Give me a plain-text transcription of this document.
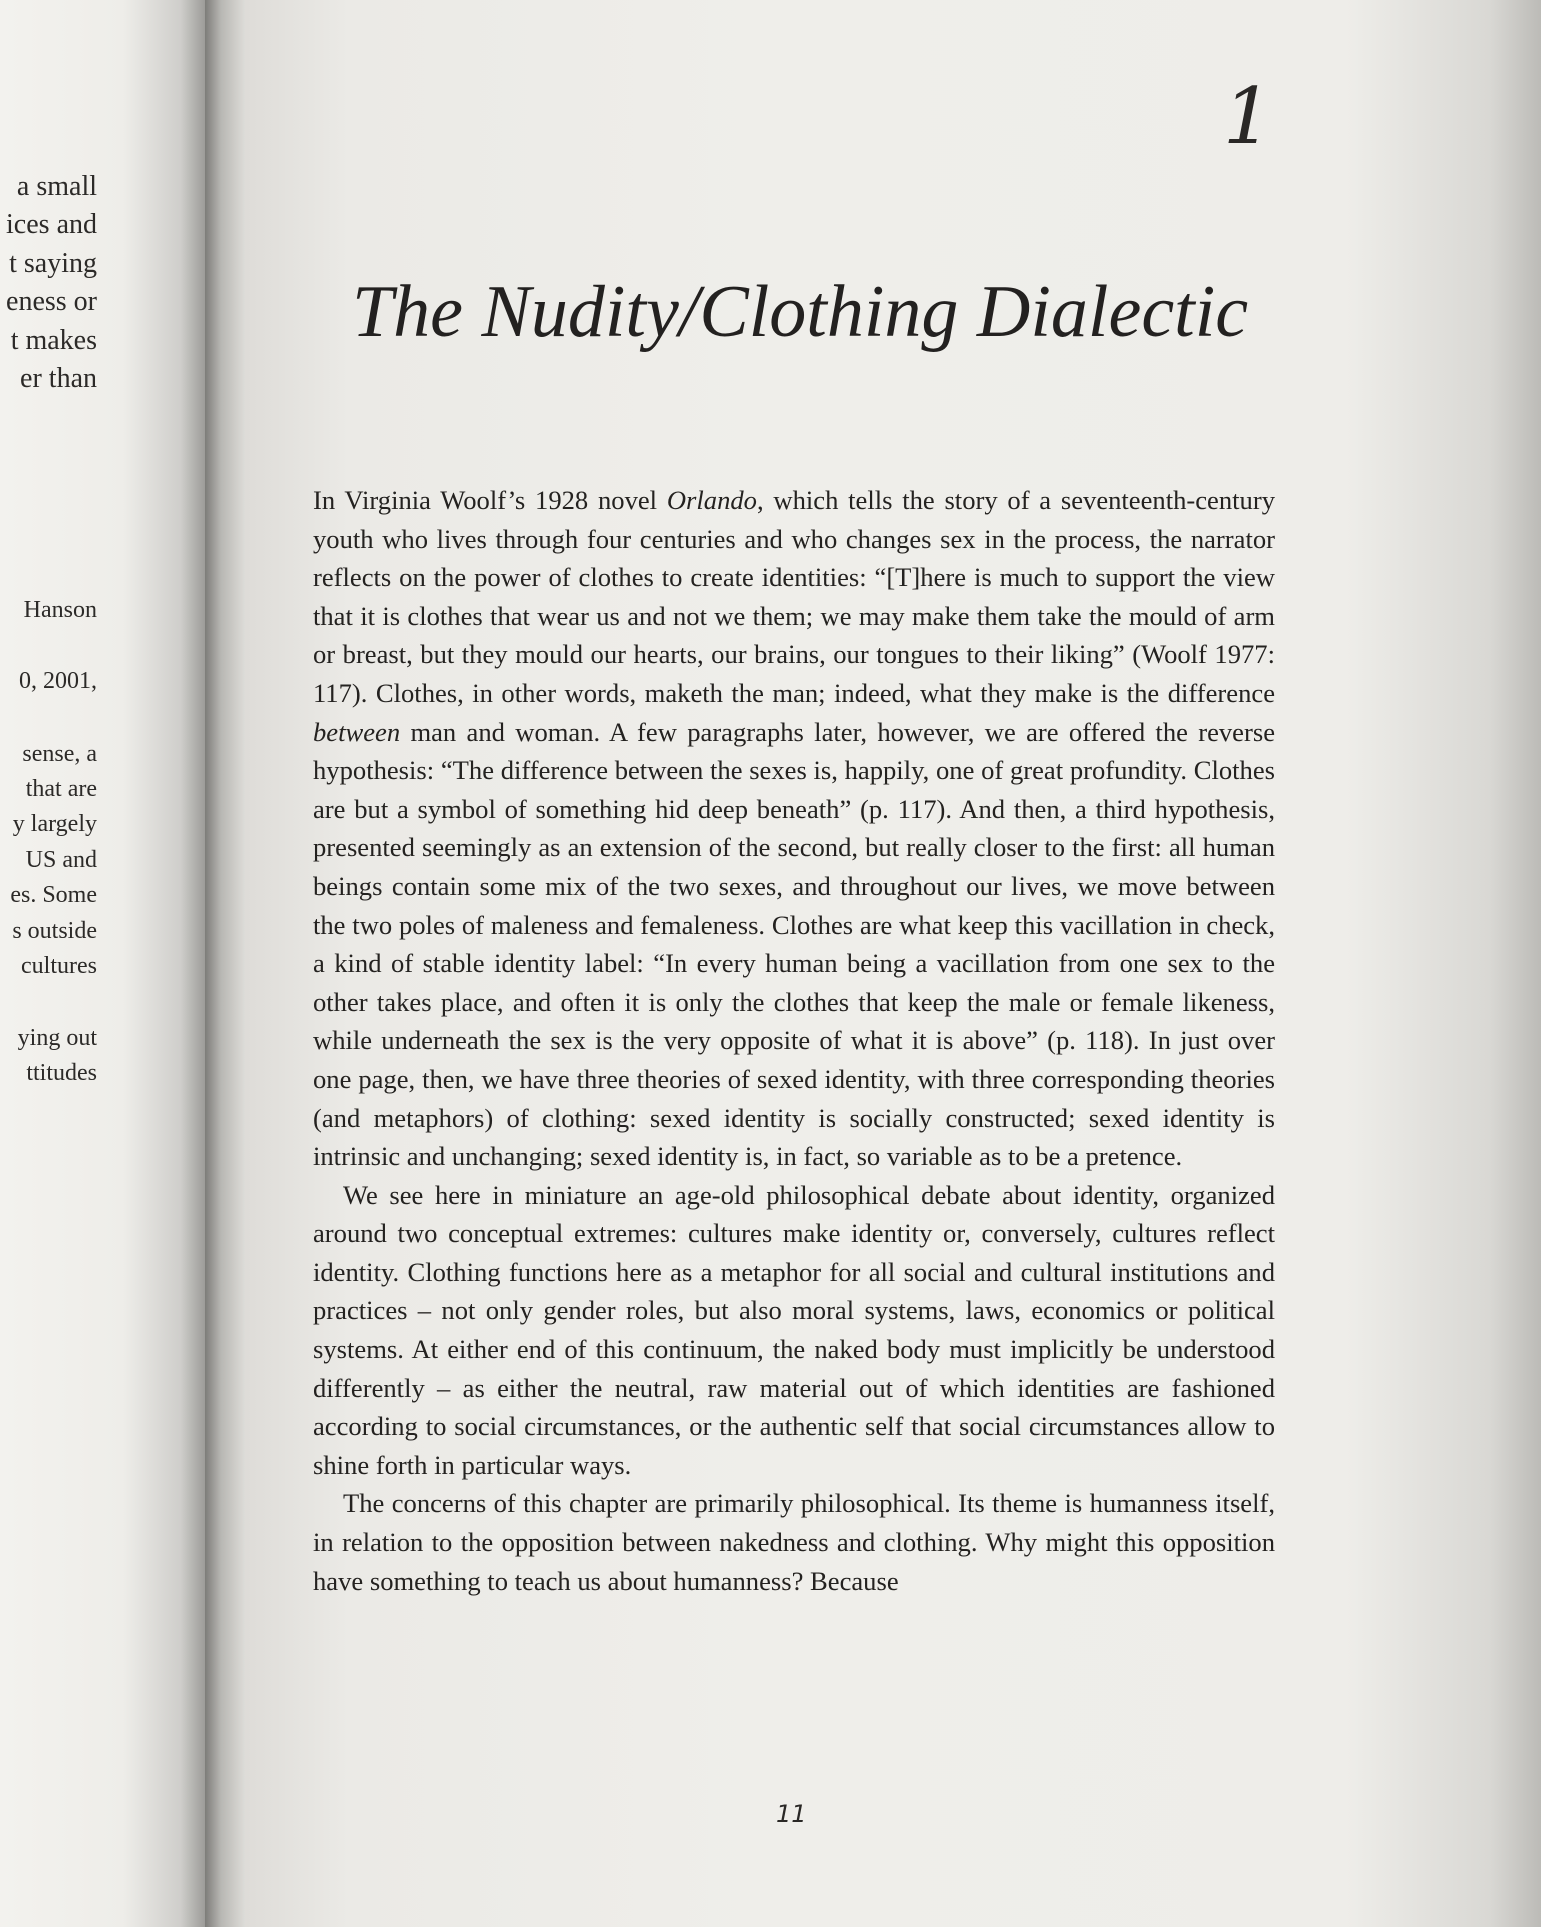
a small
ices and
t saying
eness or
t makes
er than
Hanson
0, 2001,
sense, a
that are
y largely
US and
es. Some
s outside
cultures
ying out
ttitudes
1
The Nudity/Clothing Dialectic

In Virginia Woolf’s 1928 novel Orlando, which tells the story of a seventeenth-century youth who lives through four centuries and who changes sex in the process, the narrator reflects on the power of clothes to create identities: “[T]here is much to support the view that it is clothes that wear us and not we them; we may make them take the mould of arm or breast, but they mould our hearts, our brains, our tongues to their liking” (Woolf 1977: 117). Clothes, in other words, maketh the man; indeed, what they make is the difference between man and woman. A few paragraphs later, however, we are offered the reverse hypothesis: “The difference between the sexes is, happily, one of great profundity. Clothes are but a symbol of something hid deep beneath” (p. 117). And then, a third hypothesis, presented seemingly as an extension of the second, but really closer to the first: all human beings contain some mix of the two sexes, and throughout our lives, we move between the two poles of maleness and femaleness. Clothes are what keep this vacillation in check, a kind of stable identity label: “In every human being a vacillation from one sex to the other takes place, and often it is only the clothes that keep the male or female likeness, while underneath the sex is the very opposite of what it is above” (p. 118). In just over one page, then, we have three theories of sexed identity, with three corresponding theories (and metaphors) of clothing: sexed identity is socially constructed; sexed identity is intrinsic and unchanging; sexed identity is, in fact, so variable as to be a pretence.

We see here in miniature an age-old philosophical debate about identity, organized around two conceptual extremes: cultures make identity or, conversely, cultures reflect identity. Clothing functions here as a metaphor for all social and cultural institutions and practices – not only gender roles, but also moral systems, laws, economics or political systems. At either end of this continuum, the naked body must implicitly be understood differently – as either the neutral, raw material out of which identities are fashioned according to social circumstances, or the authentic self that social circumstances allow to shine forth in particular ways.

The concerns of this chapter are primarily philosophical. Its theme is humanness itself, in relation to the opposition between nakedness and clothing. Why might this opposition have something to teach us about humanness? Because

11
